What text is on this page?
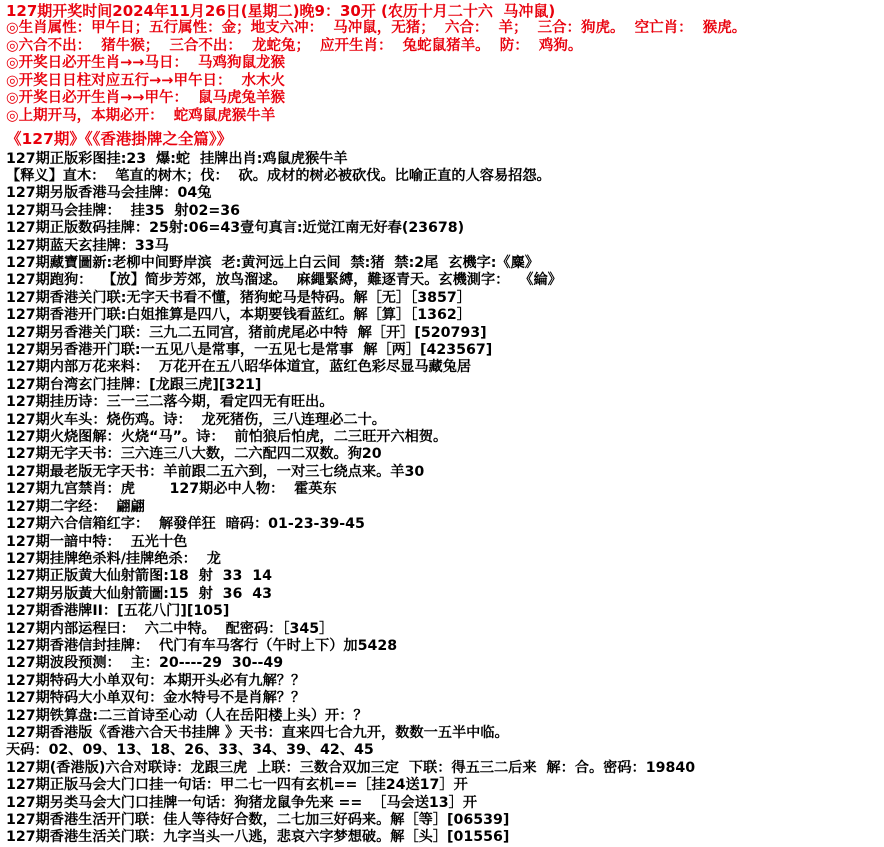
127期开奖时间2024年11月26日(星期二)晚9：30开 (农历十月二十六  马冲鼠)
◎生肖属性：甲午日；五行属性：金；地支六冲：  马冲鼠，无猪；  六合：  羊；  三合：狗虎。  空亡肖：  猴虎。
◎六合不出：  猪牛猴；  三合不出：  龙蛇兔；  应开生肖：  兔蛇鼠猪羊。  防：  鸡狗。
◎开奖日必开生肖→→马日：  马鸡狗鼠龙猴
◎开奖日日柱对应五行→→甲午日：  水木火
◎开奖日必开生肖→→甲午：  鼠马虎兔羊猴
◎上期开马，本期必开：  蛇鸡鼠虎猴牛羊
《127期》《《香港掛牌之全篇》》
127期正版彩图挂:23  爆:蛇  挂牌出肖:鸡鼠虎猴牛羊
【释义】直木：  笔直的树木；伐：  砍。成材的树必被砍伐。比喻正直的人容易招怨。
127期另版香港马会挂牌：04兔
127期马会挂牌：  挂35  射02=36
127期正版数码挂牌：25射:06=43壹句真言:近觉江南无好春(23678)
127期蓝天玄挂牌：33马
127期藏寶圖新:老柳中间野岸滨  老:黄河远上白云间  禁:猪  禁:2尾  玄機字:《麋》
127期跑狗：  【放】简步芳郊，放鸟溜逑。  麻繩緊縛，難逐青天。玄機測字：  《綸》
127期香港关门联:无字天书看不懂，猪狗蛇马是特码。解［无］［3857］
127期香港开门联:白姐推算是四八，本期要钱看蓝红。解［算］［1362］
127期另香港关门联：三九二五同宫，猪前虎尾必中特  解［开］[520793]
127期另香港开门联:一五见八是常事，一五见七是常事  解［两］[423567]
127期内部万花来料：  万花开在五八昭华体道宜，蓝红色彩尽显马藏兔居
127期台湾玄门挂牌：[龙跟三虎][321]
127期挂历诗：三一三二落今期，看定四无有旺出。
127期火车头：烧伤鸡。诗：  龙死猪伤，三八连理必二十。
127期火烧图解：火烧“马”。诗：  前怕狼后怕虎，二三旺开六相贺。
127期无字天书：三六连三八大数，二六配四二双数。狗20
127期最老版无字天书：羊前跟二五六到，一对三七绕点来。羊30
127期九宫禁肖：虎       127期必中人物：  霍英东
127期二字经：  翩翩
127期六合信箱红字：  解發佯狂  暗码：01-23-39-45
127期一諳中特：  五光十色
127期挂牌绝杀料/挂牌绝杀：  龙
127期正版黄大仙射箭图:18  射  33  14
127期另版黃大仙射箭圖:15  射  36  43
127期香港牌II：[五花八门][105]
127期内部运程曰：  六二中特。  配密码：［345］
127期香港信封挂牌：  代门有车马客行（午时上下）加5428
127期波段预测：  主：20----29  30--49
127期特码大小单双句：本期开头必有九解？？
127期特码大小单双句：金水特号不是肖解？？
127期铁算盘:二三首诗至心动（人在岳阳楼上头）开：？
127期香港版《香港六合天书挂牌 》天书：直来四七合九开，数数一五半中临。
天码：02、09、13、18、26、33、34、39、42、45
127期(香港版)六合对联诗：龙跟三虎  上联：三数合双加三定  下联：得五三二后来  解：合。密码：19840
127期正版马会大门口挂一句话：甲二七一四有玄机==［挂24送17］开
127期另类马会大门口挂牌一句话：狗猪龙鼠争先来 ==  ［马会送13］开
127期香港生活开门联：佳人等待好合数，二七加三好码来。解［等］[06539]
127期香港生活关门联：九字当头一八逃，悲哀六字梦想破。解［头］[01556]
